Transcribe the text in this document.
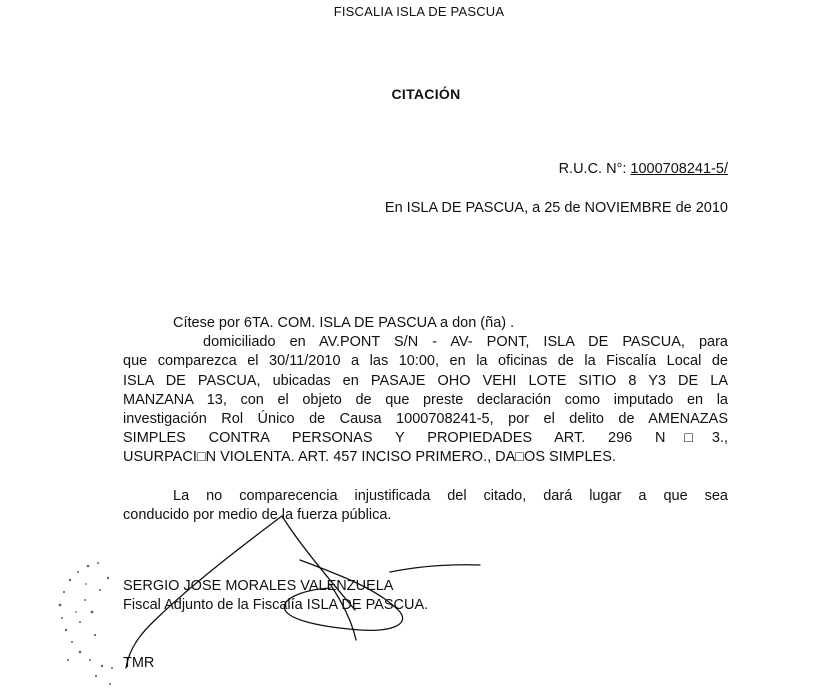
FISCALIA ISLA DE PASCUA
CITACIÓN
R.U.C. N°: 1000708241-5/
En ISLA DE PASCUA, a 25 de NOVIEMBRE de 2010

Cítese por 6TA. COM. ISLA DE PASCUA a don (ña) .
domiciliado en AV.PONT S/N - AV- PONT, ISLA DE PASCUA, para
que comparezca el 30/11/2010 a las 10:00, en la oficinas de la Fiscalía Local de
ISLA DE PASCUA, ubicadas en PASAJE OHO VEHI LOTE SITIO 8 Y3 DE LA
MANZANA 13, con el objeto de que preste declaración como imputado en la
investigación Rol Único de Causa 1000708241-5, por el delito de AMENAZAS
SIMPLES CONTRA PERSONAS Y PROPIEDADES ART. 296 N□3.,
USURPACI□N VIOLENTA. ART. 457 INCISO PRIMERO., DA□OS SIMPLES.

La no comparecencia injustificada del citado, dará lugar a que sea
conducido por medio de la fuerza pública.

SERGIO JOSE MORALES VALENZUELA
Fiscal Adjunto de la Fiscalía ISLA DE PASCUA.
TMR
